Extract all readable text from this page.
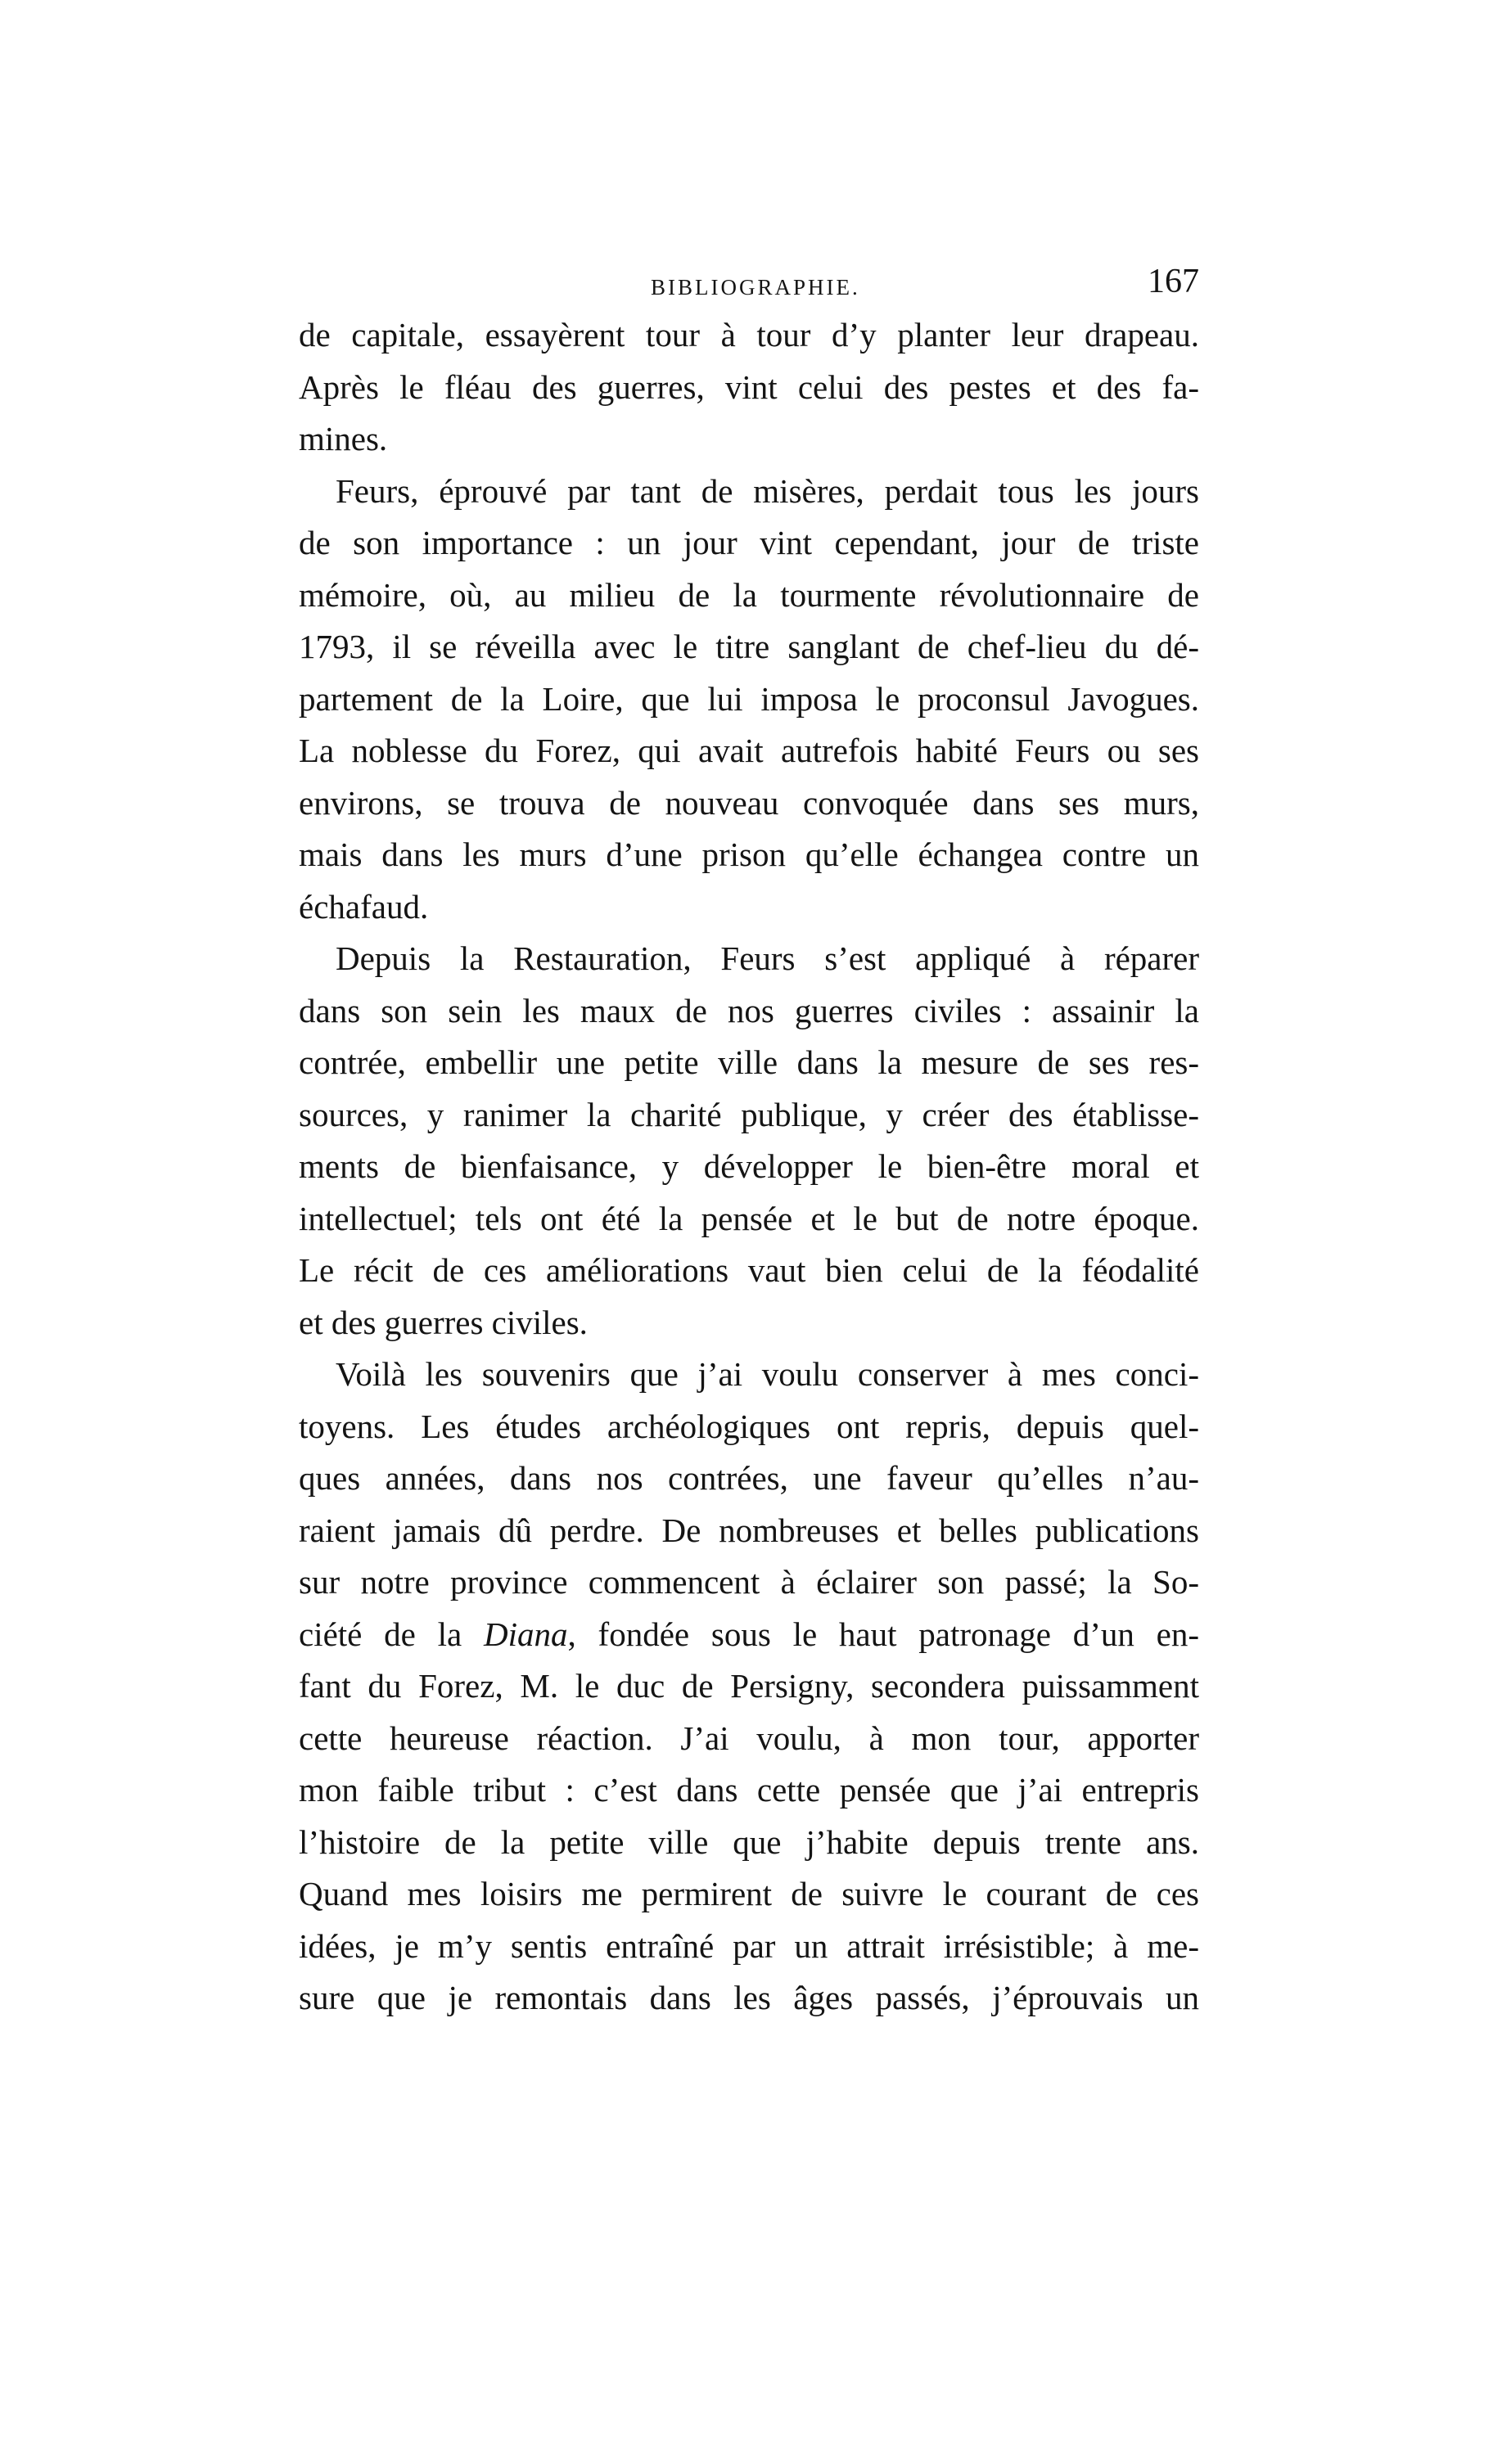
BIBLIOGRAPHIE.	167
de capitale, essayèrent tour à tour d’y planter leur drapeau.
Après le fléau des guerres, vint celui des pestes et des fa-
mines.
Feurs, éprouvé par tant de misères, perdait tous les jours
de son importance : un jour vint cependant, jour de triste
mémoire, où, au milieu de la tourmente révolutionnaire de
1793, il se réveilla avec le titre sanglant de chef-lieu du dé-
partement de la Loire, que lui imposa le proconsul Javogues.
La noblesse du Forez, qui avait autrefois habité Feurs ou ses
environs, se trouva de nouveau convoquée dans ses murs,
mais dans les murs d’une prison qu’elle échangea contre un
échafaud.
Depuis la Restauration, Feurs s’est appliqué à réparer
dans son sein les maux de nos guerres civiles : assainir la
contrée, embellir une petite ville dans la mesure de ses res-
sources, y ranimer la charité publique, y créer des établisse-
ments de bienfaisance, y développer le bien-être moral et
intellectuel; tels ont été la pensée et le but de notre époque.
Le récit de ces améliorations vaut bien celui de la féodalité
et des guerres civiles.
Voilà les souvenirs que j’ai voulu conserver à mes conci-
toyens. Les études archéologiques ont repris, depuis quel-
ques années, dans nos contrées, une faveur qu’elles n’au-
raient jamais dû perdre. De nombreuses et belles publications
sur notre province commencent à éclairer son passé; la So-
ciété de la Diana, fondée sous le haut patronage d’un en-
fant du Forez, M. le duc de Persigny, secondera puissamment
cette heureuse réaction. J’ai voulu, à mon tour, apporter
mon faible tribut : c’est dans cette pensée que j’ai entrepris
l’histoire de la petite ville que j’habite depuis trente ans.
Quand mes loisirs me permirent de suivre le courant de ces
idées, je m’y sentis entraîné par un attrait irrésistible; à me-
sure que je remontais dans les âges passés, j’éprouvais un
